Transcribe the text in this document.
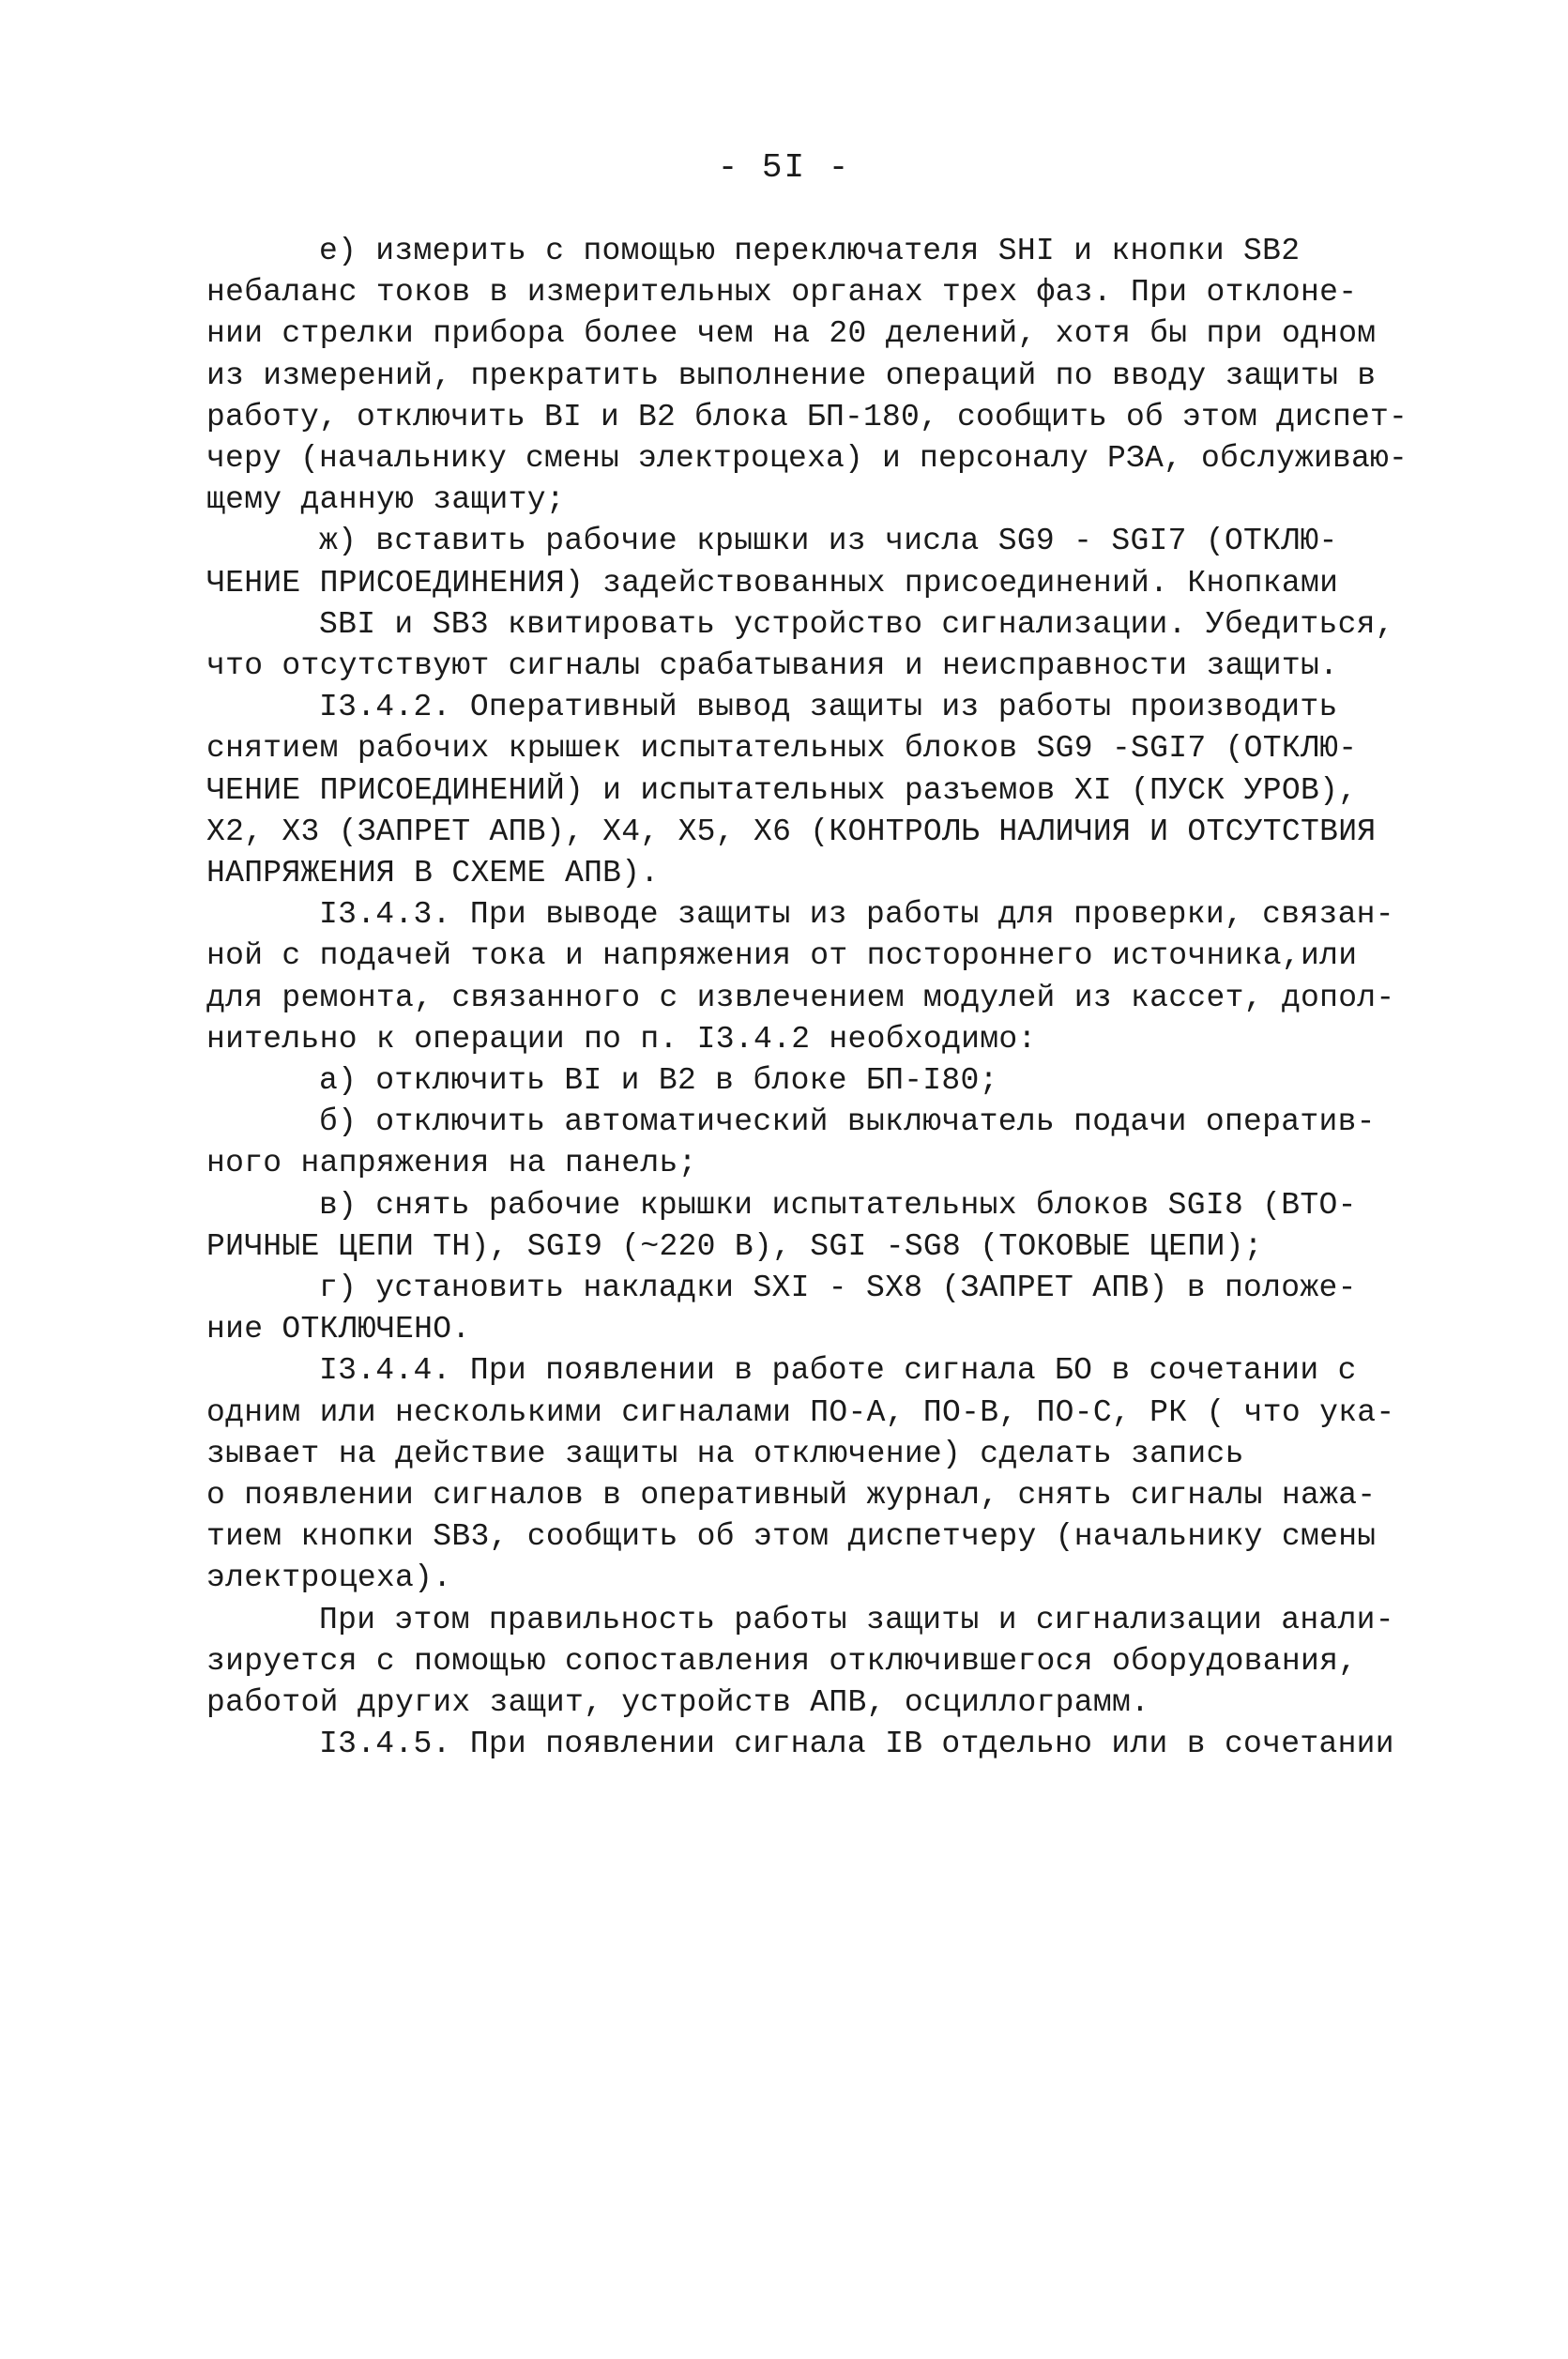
- 5I -
е) измерить с помощью переключателя SHI и кнопки SB2
небаланс токов в измерительных органах трех фаз. При отклоне-
нии стрелки прибора более чем на 20 делений, хотя бы при одном
из измерений, прекратить выполнение операций по вводу защиты в
работу, отключить BI и B2 блока БП-180, сообщить об этом диспет-
черу (начальнику смены электроцеха) и персоналу РЗА, обслуживаю-
щему данную защиту;
ж) вставить рабочие крышки из числа SG9 - SGI7 (ОТКЛЮ-
ЧЕНИЕ ПРИСОЕДИНЕНИЯ) задействованных присоединений. Кнопками
SBI и SB3 квитировать устройство сигнализации. Убедиться,
что отсутствуют сигналы срабатывания и неисправности защиты.
I3.4.2. Оперативный вывод защиты из работы производить
снятием рабочих крышек испытательных блоков SG9 -SGI7 (ОТКЛЮ-
ЧЕНИЕ ПРИСОЕДИНЕНИЙ) и испытательных разъемов XI (ПУСК УРОВ),
X2, X3 (ЗАПРЕТ АПВ), X4, X5, X6 (КОНТРОЛЬ НАЛИЧИЯ И ОТСУТСТВИЯ
НАПРЯЖЕНИЯ В СХЕМЕ АПВ).
I3.4.3. При выводе защиты из работы для проверки, связан-
ной с подачей тока и напряжения от постороннего источника,или
для ремонта, связанного с извлечением модулей из кассет, допол-
нительно к операции по п. I3.4.2 необходимо:
а) отключить BI и B2 в блоке БП-I80;
б) отключить автоматический выключатель подачи оператив-
ного напряжения на панель;
в) снять рабочие крышки испытательных блоков SGI8 (ВТО-
РИЧНЫЕ ЦЕПИ ТН), SGI9 (~220 В), SGI -SG8 (ТОКОВЫЕ ЦЕПИ);
г) установить накладки SXI - SX8 (ЗАПРЕТ АПВ) в положе-
ние ОТКЛЮЧЕНО.
I3.4.4. При появлении в работе сигнала БО в сочетании с
одним или несколькими сигналами ПО-А, ПО-В, ПО-С, РК ( что ука-
зывает на действие защиты на отключение) сделать запись
о появлении сигналов в оперативный журнал, снять сигналы нажа-
тием кнопки SB3, сообщить об этом диспетчеру (начальнику смены
электроцеха).
При этом правильность работы защиты и сигнализации анали-
зируется с помощью сопоставления отключившегося оборудования,
работой других защит, устройств АПВ, осциллограмм.
I3.4.5. При появлении сигнала IB отдельно или в сочетании
